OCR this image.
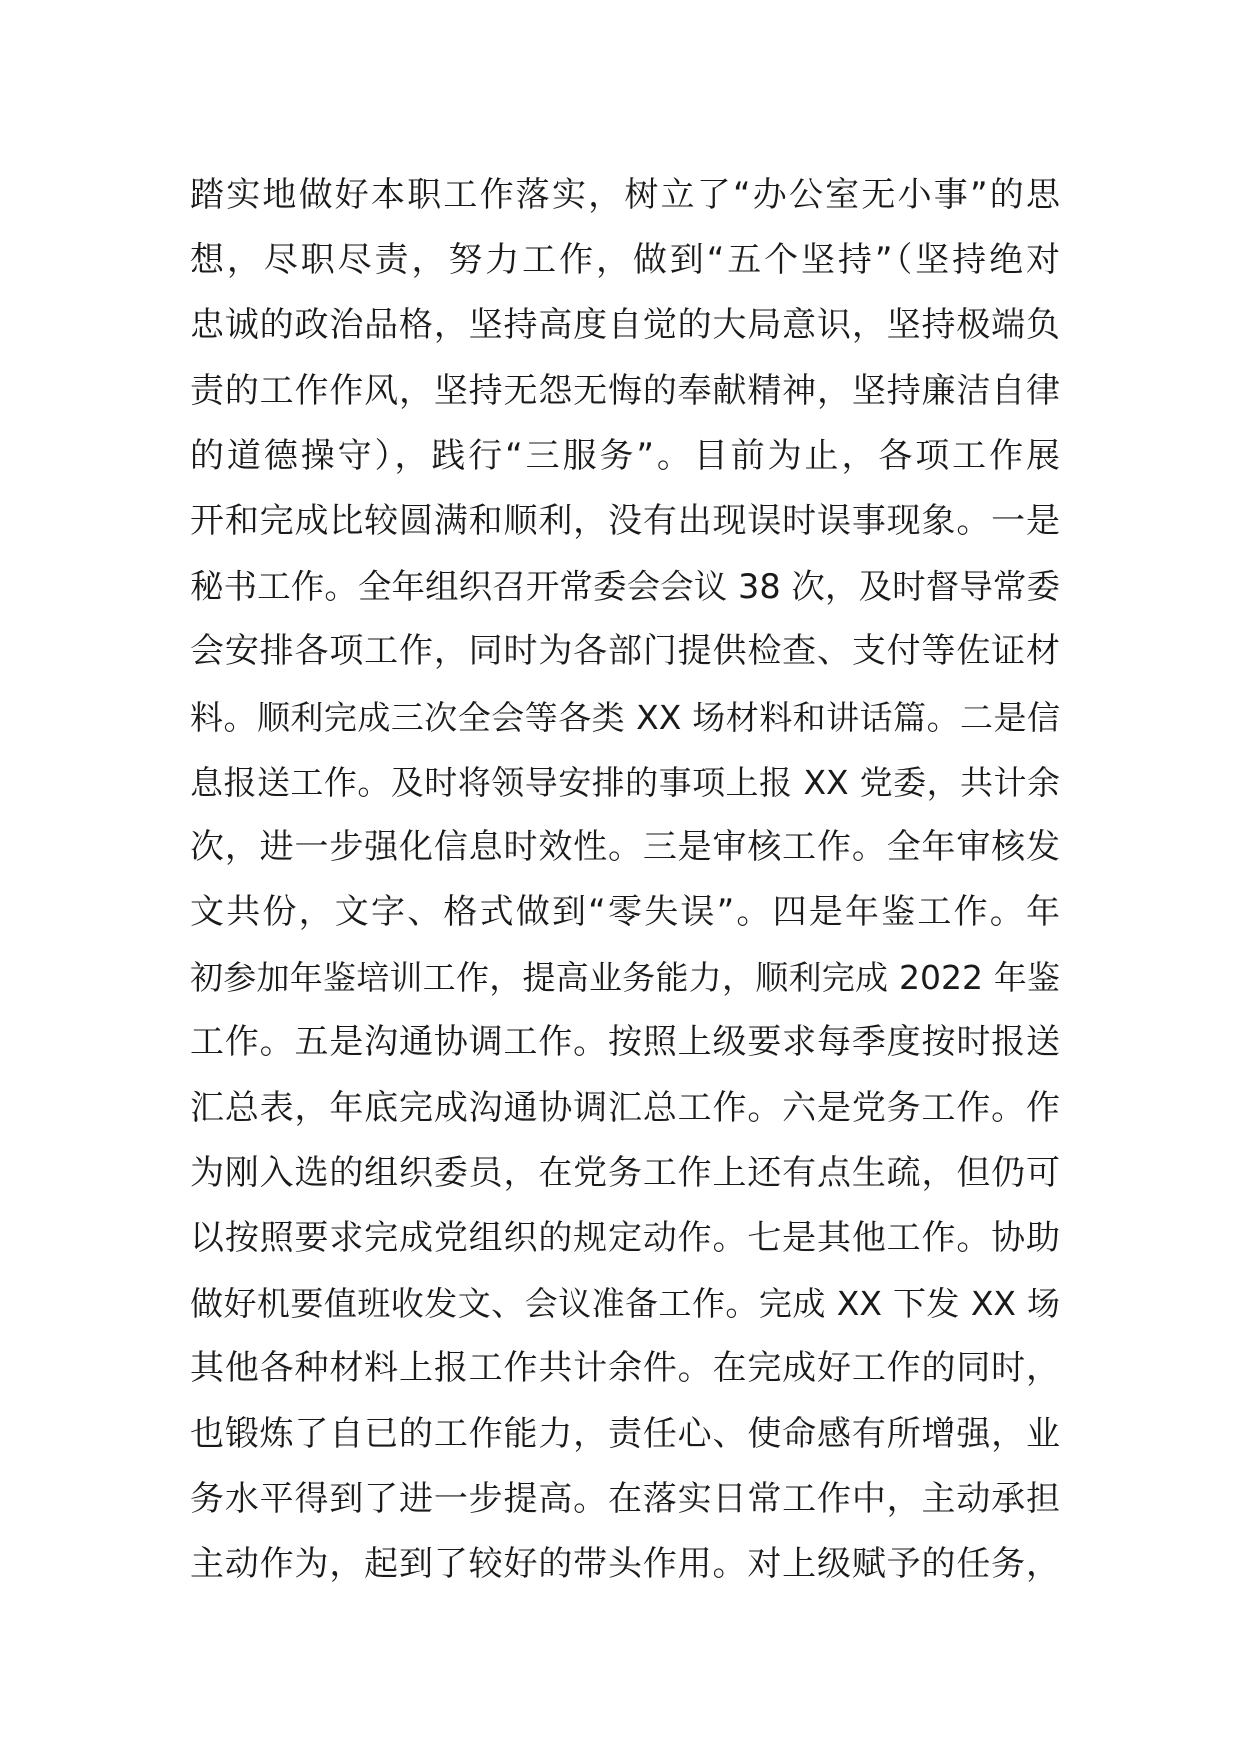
踏实地做好本职工作落实，树立了“办公室无小事”的思
想，尽职尽责，努力工作，做到“五个坚持”（坚持绝对
忠诚的政治品格，坚持高度自觉的大局意识，坚持极端负
责的工作作风，坚持无怨无悔的奉献精神，坚持廉洁自律
的道德操守），践行“三服务”。目前为止，各项工作展
开和完成比较圆满和顺利，没有出现误时误事现象。一是
秘书工作。全年组织召开常委会会议 38 次，及时督导常委
会安排各项工作，同时为各部门提供检查、支付等佐证材
料。顺利完成三次全会等各类 XX 场材料和讲话篇。二是信
息报送工作。及时将领导安排的事项上报 XX 党委，共计余
次，进一步强化信息时效性。三是审核工作。全年审核发
文共份，文字、格式做到“零失误”。四是年鉴工作。年
初参加年鉴培训工作，提高业务能力，顺利完成 2022 年鉴
工作。五是沟通协调工作。按照上级要求每季度按时报送
汇总表，年底完成沟通协调汇总工作。六是党务工作。作
为刚入选的组织委员，在党务工作上还有点生疏，但仍可
以按照要求完成党组织的规定动作。七是其他工作。协助
做好机要值班收发文、会议准备工作。完成 XX 下发 XX 场
其他各种材料上报工作共计余件。在完成好工作的同时，
也锻炼了自已的工作能力，责任心、使命感有所增强，业
务水平得到了进一步提高。在落实日常工作中，主动承担
主动作为，起到了较好的带头作用。对上级赋予的任务，
